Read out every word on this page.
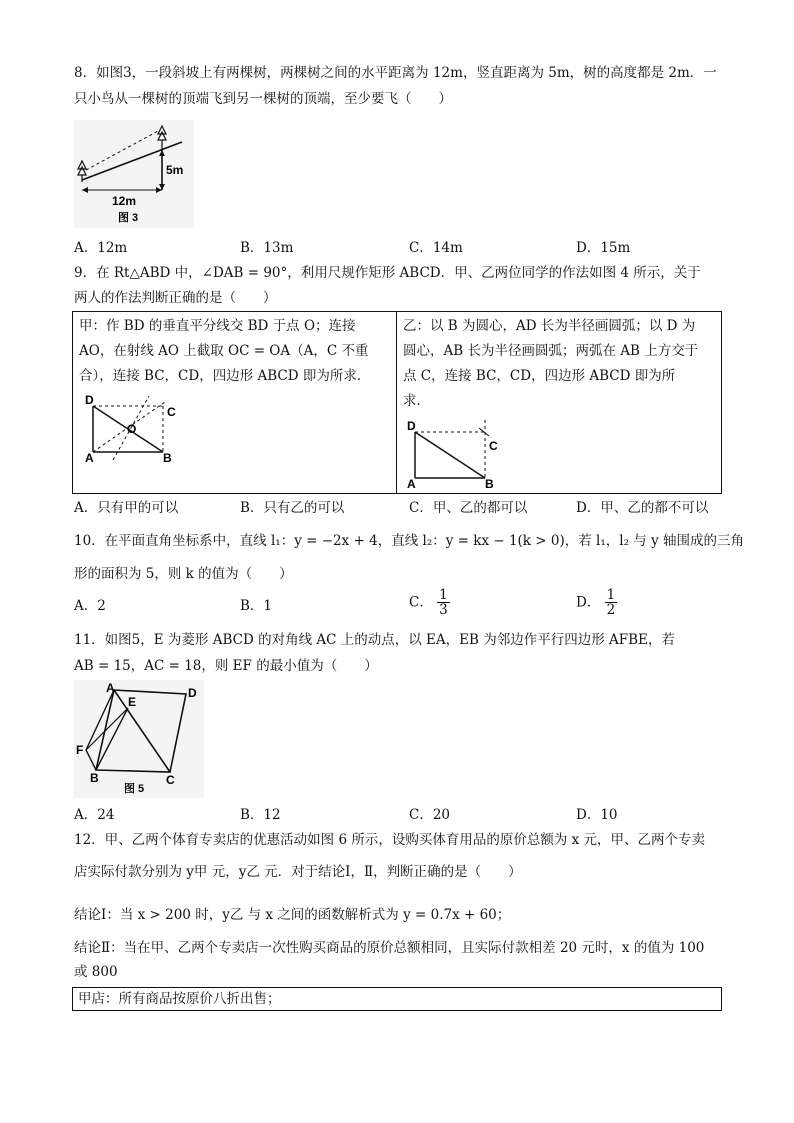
8．如图3，一段斜坡上有两棵树，两棵树之间的水平距离为 12m，竖直距离为 5m，树的高度都是 2m．一
只小鸟从一棵树的顶端飞到另一棵树的顶端，至少要飞（　　）
5m
12m
图 3
A．12m	B．13m	C．14m	D．15m
9．在 Rt△ABD 中，∠DAB = 90°，利用尺规作矩形 ABCD．甲、乙两位同学的作法如图 4 所示，关于
两人的作法判断正确的是（　　）
甲：作 BD 的垂直平分线交 BD 于点 O；连接
AO，在射线 AO 上截取 OC = OA（A，C 不重
合），连接 BC，CD，四边形 ABCD 即为所求．
D
C
A	B
O
乙：以 B 为圆心，AD 长为半径画圆弧；以 D 为
圆心，AB 长为半径画圆弧；两弧在 AB 上方交于
点 C，连接 BC，CD，四边形 ABCD 即为所
求．
D
C
A	B
A．只有甲的可以	B．只有乙的可以	C．甲、乙的都可以	D．甲、乙的都不可以
10．在平面直角坐标系中，直线 l₁：y = −2x + 4，直线 l₂：y = kx − 1(k > 0)，若 l₁，l₂ 与 y 轴围成的三角
形的面积为 5，则 k 的值为（　　）
A．2	B．1	C． $\frac{1}{3}$	D． $\frac{1}{2}$
11．如图5，E 为菱形 ABCD 的对角线 AC 上的动点，以 EA，EB 为邻边作平行四边形 AFBE，若
AB = 15，AC = 18，则 EF 的最小值为（　　）
A
E
D
F
B	C
图 5
A．24	B．12	C．20	D．10
12．甲、乙两个体育专卖店的优惠活动如图 6 所示，设购买体育用品的原价总额为 x 元，甲、乙两个专卖
店实际付款分别为 y甲 元，y乙 元．对于结论Ⅰ，Ⅱ，判断正确的是（　　）
结论Ⅰ：当 x > 200 时，y乙 与 x 之间的函数解析式为 y = 0.7x + 60；
结论Ⅱ：当在甲、乙两个专卖店一次性购买商品的原价总额相同，且实际付款相差 20 元时，x 的值为 100
或 800
甲店：所有商品按原价八折出售；
